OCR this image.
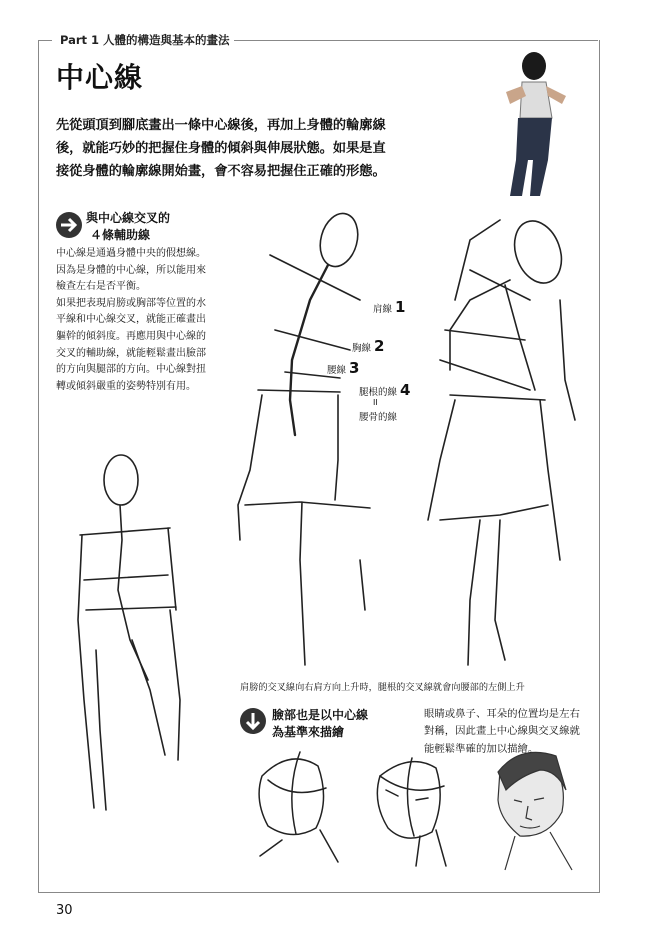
Part 1 人體的構造與基本的畫法
中心線
先從頭頂到腳底畫出一條中心線後，再加上身體的輪廓線
後，就能巧妙的把握住身體的傾斜與伸展狀態。如果是直
接從身體的輪廓線開始畫，會不容易把握住正確的形態。
與中心線交叉的
４條輔助線

中心線是通過身體中央的假想線。

因為是身體的中心線，所以能用來

檢查左右是否平衡。

如果把表現肩膀或胸部等位置的水

平線和中心線交叉，就能正確畫出

軀幹的傾斜度。再應用與中心線的

交叉的輔助線，就能輕鬆畫出臉部

的方向與腿部的方向。中心線對扭

轉或傾斜嚴重的姿勢特別有用。

肩線 1
胸線 2
腰線 3
腿根的線 4
II
腰骨的線
肩膀的交叉線向右肩方向上升時，腿根的交叉線就會向腰部的左側上升
臉部也是以中心線
為基準來描繪
眼睛或鼻子、耳朵的位置均是左右
對稱，因此畫上中心線與交叉線就
能輕鬆準確的加以描繪。
30
